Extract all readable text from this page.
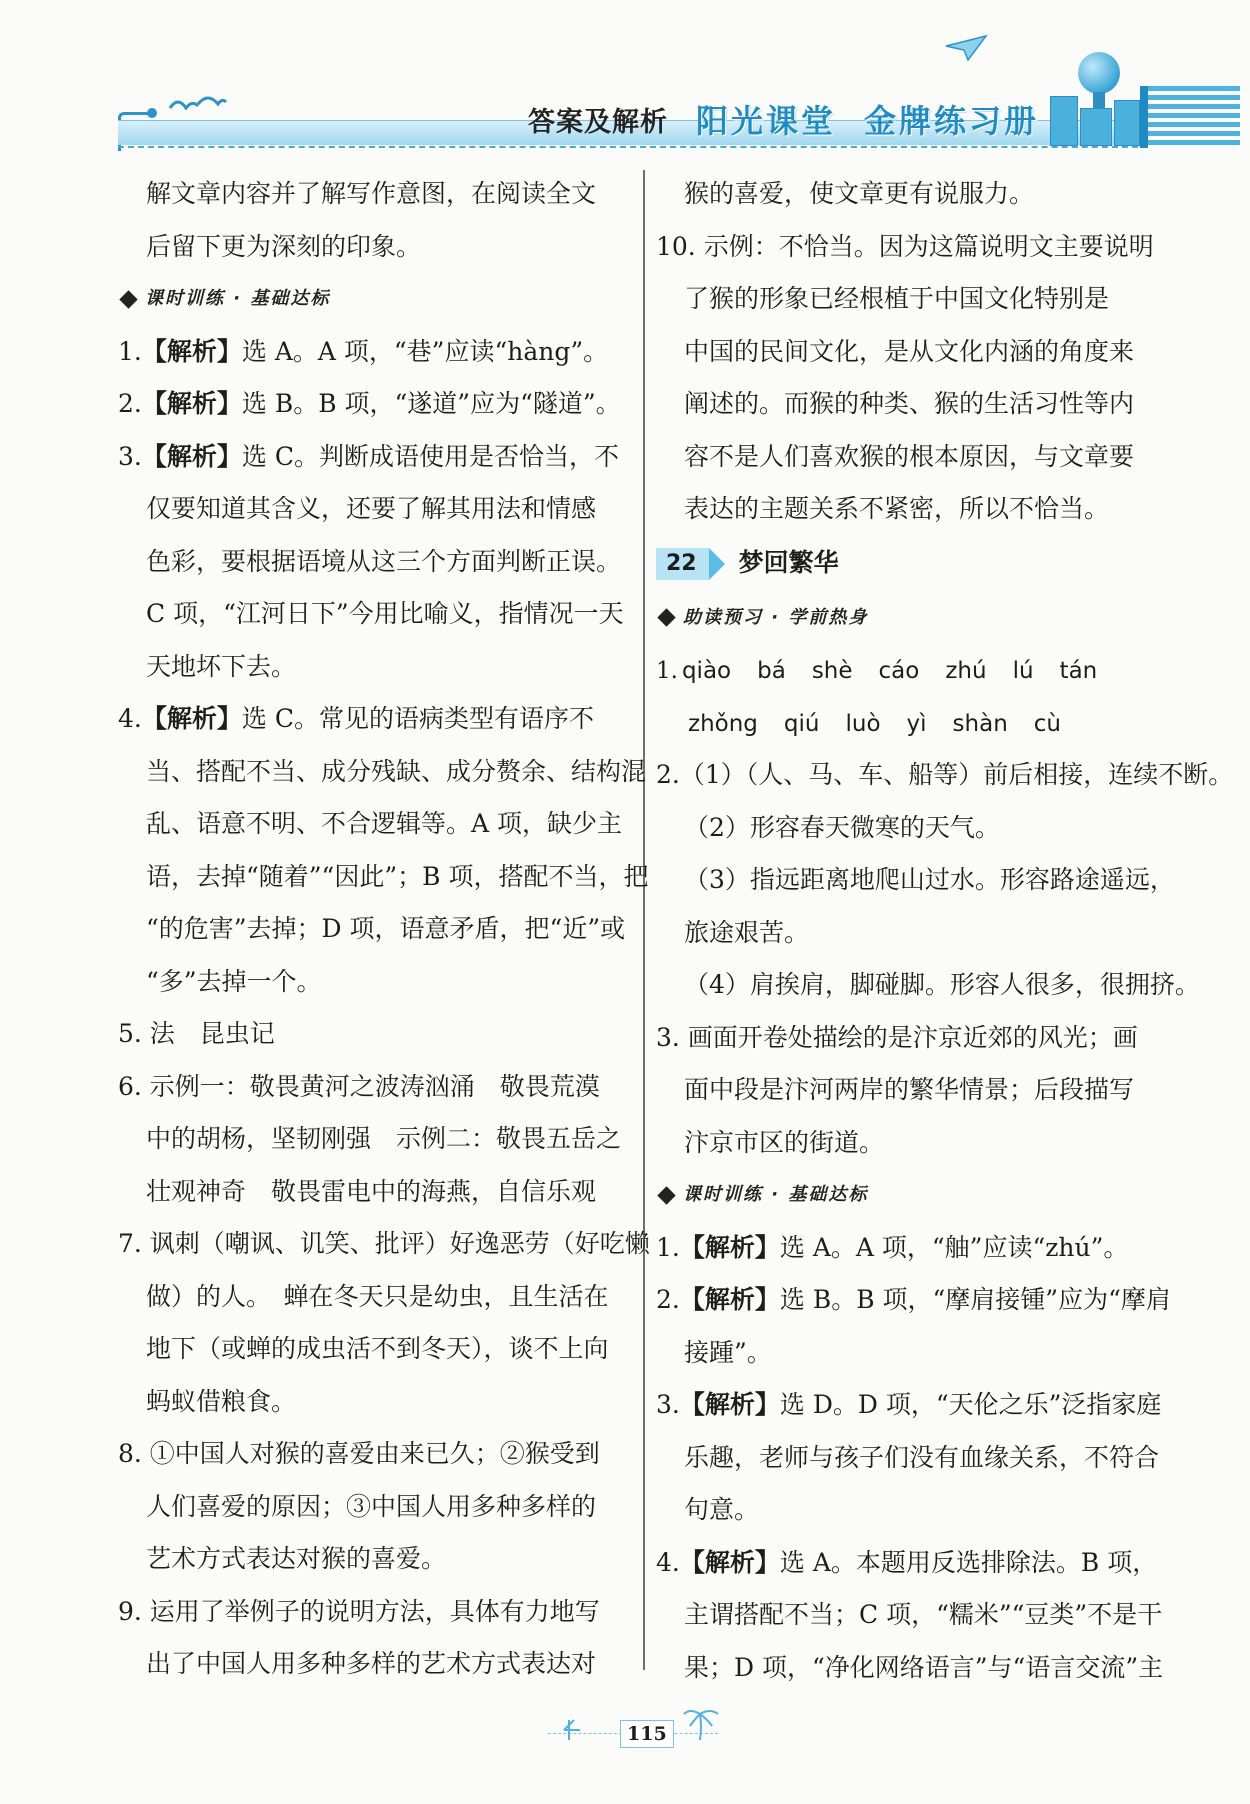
答案及解析 阳光课堂 金牌练习册
解文章内容并了解写作意图，在阅读全文
后留下更为深刻的印象。
课时训练 · 基础达标
1.【解析】选 A。A 项，“巷”应读“hàng”。
2.【解析】选 B。B 项，“遂道”应为“隧道”。
3.【解析】选 C。判断成语使用是否恰当，不
仅要知道其含义，还要了解其用法和情感
色彩，要根据语境从这三个方面判断正误。
C 项，“江河日下”今用比喻义，指情况一天
天地坏下去。
4.【解析】选 C。常见的语病类型有语序不
当、搭配不当、成分残缺、成分赘余、结构混
乱、语意不明、不合逻辑等。A 项，缺少主
语，去掉“随着”“因此”；B 项，搭配不当，把
“的危害”去掉；D 项，语意矛盾，把“近”或
“多”去掉一个。
5. 法　昆虫记
6. 示例一：敬畏黄河之波涛汹涌　敬畏荒漠
中的胡杨，坚韧刚强　示例二：敬畏五岳之
壮观神奇　敬畏雷电中的海燕，自信乐观
7. 讽刺（嘲讽、讥笑、批评）好逸恶劳（好吃懒
做）的人。　蝉在冬天只是幼虫，且生活在
地下（或蝉的成虫活不到冬天），谈不上向
蚂蚁借粮食。
8. ①中国人对猴的喜爱由来已久；②猴受到
人们喜爱的原因；③中国人用多种多样的
艺术方式表达对猴的喜爱。
9. 运用了举例子的说明方法，具体有力地写
出了中国人用多种多样的艺术方式表达对
猴的喜爱，使文章更有说服力。
10. 示例：不恰当。因为这篇说明文主要说明
了猴的形象已经根植于中国文化特别是
中国的民间文化，是从文化内涵的角度来
阐述的。而猴的种类、猴的生活习性等内
容不是人们喜欢猴的根本原因，与文章要
表达的主题关系不紧密，所以不恰当。
22	梦回繁华
助读预习 · 学前热身
1. qiào bá shè cáo zhú lú tán
zhǒng qiú luò yì shàn cù
2.（1）（人、马、车、船等）前后相接，连续不断。
（2）形容春天微寒的天气。
（3）指远距离地爬山过水。形容路途遥远，
旅途艰苦。
（4）肩挨肩，脚碰脚。形容人很多，很拥挤。
3. 画面开卷处描绘的是汴京近郊的风光；画
面中段是汴河两岸的繁华情景；后段描写
汴京市区的街道。
课时训练 · 基础达标
1.【解析】选 A。A 项，“舳”应读“zhú”。
2.【解析】选 B。B 项，“摩肩接锺”应为“摩肩
接踵”。
3.【解析】选 D。D 项，“天伦之乐”泛指家庭
乐趣，老师与孩子们没有血缘关系，不符合
句意。
4.【解析】选 A。本题用反选排除法。B 项，
主谓搭配不当；C 项，“糯米”“豆类”不是干
果；D 项，“净化网络语言”与“语言交流”主
115
